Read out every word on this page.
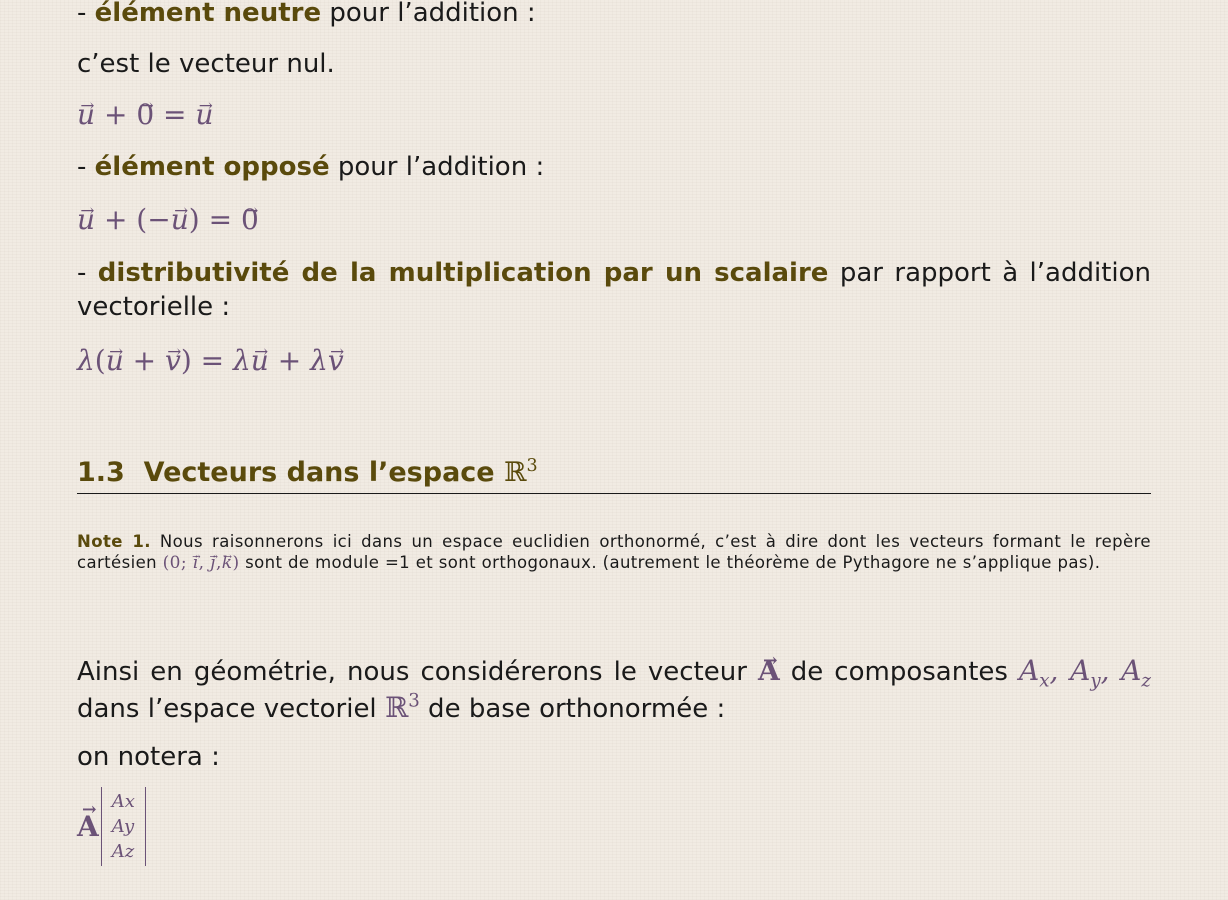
- élément neutre pour l’addition :
c’est le vecteur nul.
→ u + → 0 = → u
- élément opposé pour l’addition :
→ u + (−→ u) = → 0
- distributivité de la multiplication par un scalaire par rapport à l’addition vectorielle :
λ(→ u + → v) = λ→ u + λ→ v
1.3 Vecteurs dans l’espace ℝ$^3$
Note 1. Nous raisonnerons ici dans un espace euclidien orthonormé, c’est à dire dont les vecteurs formant le repère cartésien (0; → i, → j,→ k) sont de module =1 et sont orthogonaux. (autrement le théorème de Pythagore ne s’applique pas).
Ainsi en géométrie, nous considérerons le vecteur → A de composantes $A_x$, $A_y$, $A_z$ dans l’espace vectoriel ℝ$^3$ de base orthonormée :
on notera :
→ A
Ax
Ay
Az
